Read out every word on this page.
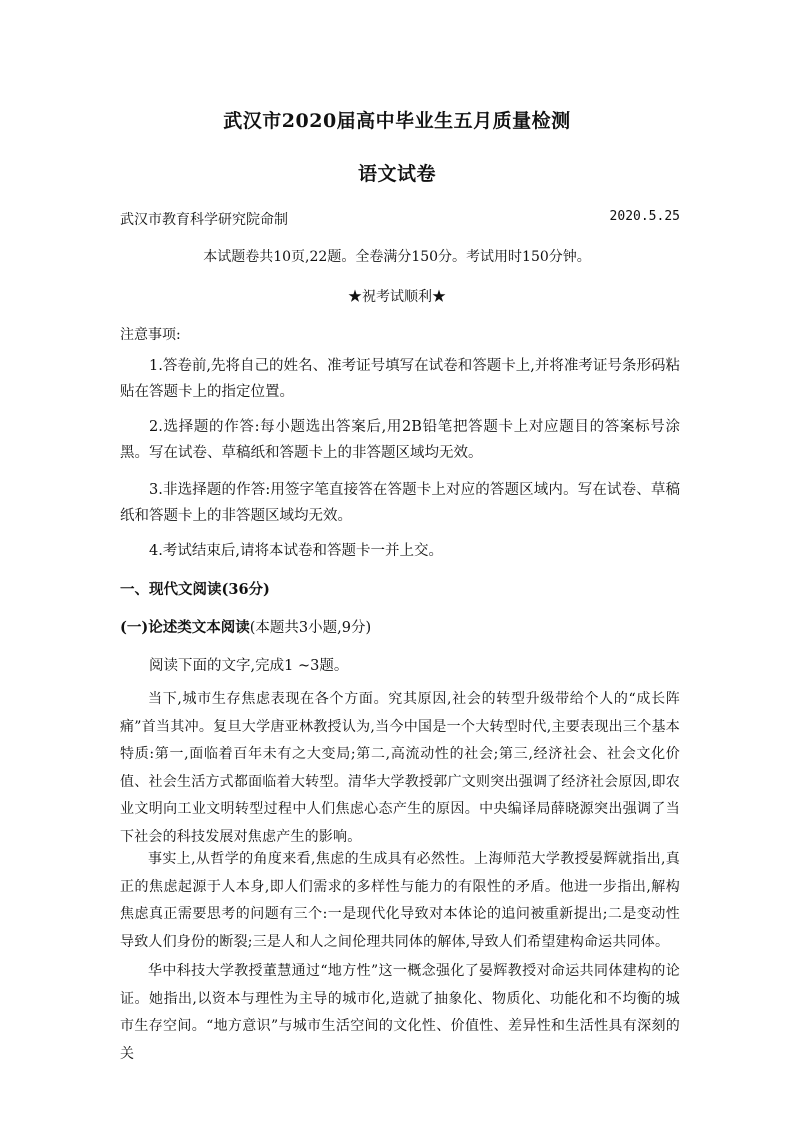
武汉市2020届高中毕业生五月质量检测
语文试卷
武汉市教育科学研究院命制	2020.5.25
本试题卷共10页,22题。全卷满分150分。考试用时150分钟。
★祝考试顺利★
注意事项:

1.答卷前,先将自己的姓名、准考证号填写在试卷和答题卡上,并将准考证号条形码粘贴在答题卡上的指定位置。

2.选择题的作答:每小题选出答案后,用2B铅笔把答题卡上对应题目的答案标号涂黑。写在试卷、草稿纸和答题卡上的非答题区域均无效。

3.非选择题的作答:用签字笔直接答在答题卡上对应的答题区域内。写在试卷、草稿纸和答题卡上的非答题区域均无效。

4.考试结束后,请将本试卷和答题卡一并上交。

一、现代文阅读(36分)
(一)论述类文本阅读(本题共3小题,9分)
阅读下面的文字,完成1 ~3题。

当下,城市生存焦虑表现在各个方面。究其原因,社会的转型升级带给个人的“成长阵痛”首当其冲。复旦大学唐亚林教授认为,当今中国是一个大转型时代,主要表现出三个基本特质:第一,面临着百年未有之大变局;第二,高流动性的社会;第三,经济社会、社会文化价值、社会生活方式都面临着大转型。清华大学教授郭广文则突出强调了经济社会原因,即农业文明向工业文明转型过程中人们焦虑心态产生的原因。中央编译局薛晓源突出强调了当下社会的科技发展对焦虑产生的影响。

事实上,从哲学的角度来看,焦虑的生成具有必然性。上海师范大学教授晏辉就指出,真正的焦虑起源于人本身,即人们需求的多样性与能力的有限性的矛盾。他进一步指出,解构焦虑真正需要思考的问题有三个:一是现代化导致对本体论的追问被重新提出;二是变动性导致人们身份的断裂;三是人和人之间伦理共同体的解体,导致人们希望建构命运共同体。

华中科技大学教授董慧通过“地方性”这一概念强化了晏辉教授对命运共同体建构的论证。她指出,以资本与理性为主导的城市化,造就了抽象化、物质化、功能化和不均衡的城市生存空间。“地方意识”与城市生活空间的文化性、价值性、差异性和生活性具有深刻的关
